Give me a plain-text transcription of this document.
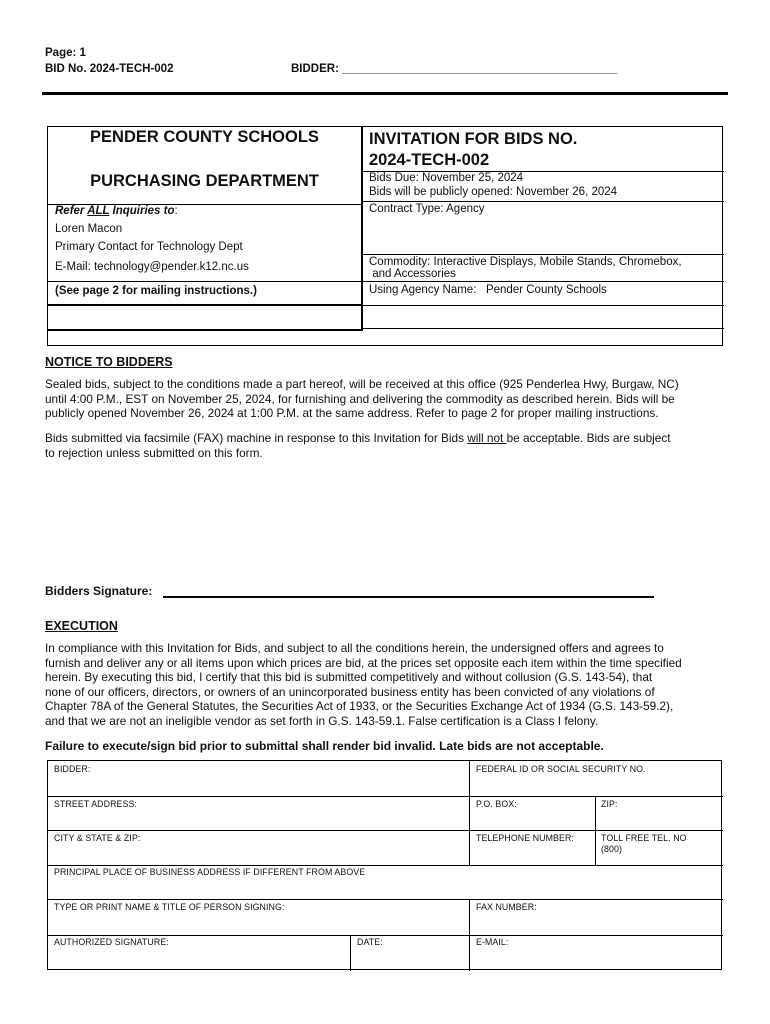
Page: 1
BID No. 2024-TECH-002	BIDDER: ___________________________________________
PENDER COUNTY SCHOOLS
PURCHASING DEPARTMENT
Refer ALL Inquiries to:
Loren Macon
Primary Contact for Technology Dept
E-Mail: technology@pender.k12.nc.us
(See page 2 for mailing instructions.)
INVITATION FOR BIDS NO.
2024-TECH-002
Bids Due: November 25, 2024
Bids will be publicly opened: November 26, 2024
Contract Type: Agency
Commodity: Interactive Displays, Mobile Stands, Chromebox,
and Accessories
Using Agency Name:   Pender County Schools
NOTICE TO BIDDERS
Sealed bids, subject to the conditions made a part hereof, will be received at this office (925 Penderlea Hwy, Burgaw, NC)
until 4:00 P.M., EST on November 25, 2024, for furnishing and delivering the commodity as described herein. Bids will be
publicly opened November 26, 2024 at 1:00 P.M. at the same address. Refer to page 2 for proper mailing instructions.
Bids submitted via facsimile (FAX) machine in response to this Invitation for Bids will not be acceptable. Bids are subject
to rejection unless submitted on this form.
Bidders Signature:
EXECUTION
In compliance with this Invitation for Bids, and subject to all the conditions herein, the undersigned offers and agrees to
furnish and deliver any or all items upon which prices are bid, at the prices set opposite each item within the time specified
herein. By executing this bid, I certify that this bid is submitted competitively and without collusion (G.S. 143-54), that
none of our officers, directors, or owners of an unincorporated business entity has been convicted of any violations of
Chapter 78A of the General Statutes, the Securities Act of 1933, or the Securities Exchange Act of 1934 (G.S. 143-59.2),
and that we are not an ineligible vendor as set forth in G.S. 143-59.1. False certification is a Class I felony.
Failure to execute/sign bid prior to submittal shall render bid invalid. Late bids are not acceptable.
BIDDER:	FEDERAL ID OR SOCIAL SECURITY NO.
STREET ADDRESS:	P.O. BOX:	ZIP:
CITY & STATE & ZIP:	TELEPHONE NUMBER:	TOLL FREE TEL. NO
(800)
PRINCIPAL PLACE OF BUSINESS ADDRESS IF DIFFERENT FROM ABOVE
TYPE OR PRINT NAME & TITLE OF PERSON SIGNING:	FAX NUMBER:
AUTHORIZED SIGNATURE:	DATE:	E-MAIL:
